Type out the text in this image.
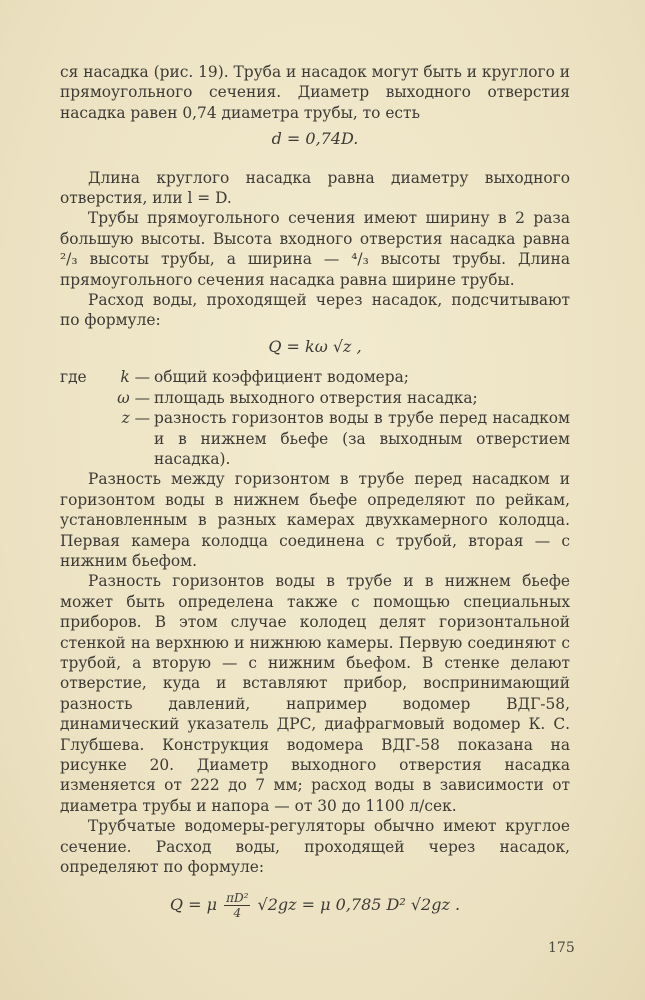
ся насадка (рис. 19). Труба и насадок могут быть и круглого и прямоугольного сечения. Диаметр выходного отверстия насадка равен 0,74 диаметра трубы, то есть

d = 0,74D.

Длина круглого насадка равна диаметру выходного отверстия, или l = D.

Трубы прямоугольного сечения имеют ширину в 2 раза большую высоты. Высота входного отверстия насадка равна ²/₃ высоты трубы, а ширина — ⁴/₃ высоты трубы. Длина прямоугольного сечения насадка равна ширине трубы.

Расход воды, проходящей через насадок, подсчитывают по формуле:

Q = kω √z ,
где	k — общий коэффициент водомера;
ω — площадь выходного отверстия насадка;
z — разность горизонтов воды в трубе перед насадком и в нижнем бьефе (за выходным отверстием насадка).

Разность между горизонтом в трубе перед насадком и горизонтом воды в нижнем бьефе определяют по рейкам, установленным в разных камерах двухкамерного колодца. Первая камера колодца соединена с трубой, вторая — с нижним бьефом.

Разность горизонтов воды в трубе и в нижнем бьефе может быть определена также с помощью специальных приборов. В этом случае колодец делят горизонтальной стенкой на верхнюю и нижнюю камеры. Первую соединяют с трубой, а вторую — с нижним бьефом. В стенке делают отверстие, куда и вставляют прибор, воспринимающий разность давлений, например водомер ВДГ-58, динамический указатель ДРС, диафрагмовый водомер К. С. Глубшева. Конструкция водомера ВДГ-58 показана на рисунке 20. Диаметр выходного отверстия насадка изменяется от 222 до 7 мм; расход воды в зависимости от диаметра трубы и напора — от 30 до 1100 л/сек.

Трубчатые водомеры-регуляторы обычно имеют круглое сечение. Расход воды, проходящей через насадок, определяют по формуле:

Q = μ $\frac{\text{πD²}}{4} √2gz = \mu$ 0,785 D² √2gz .
175
